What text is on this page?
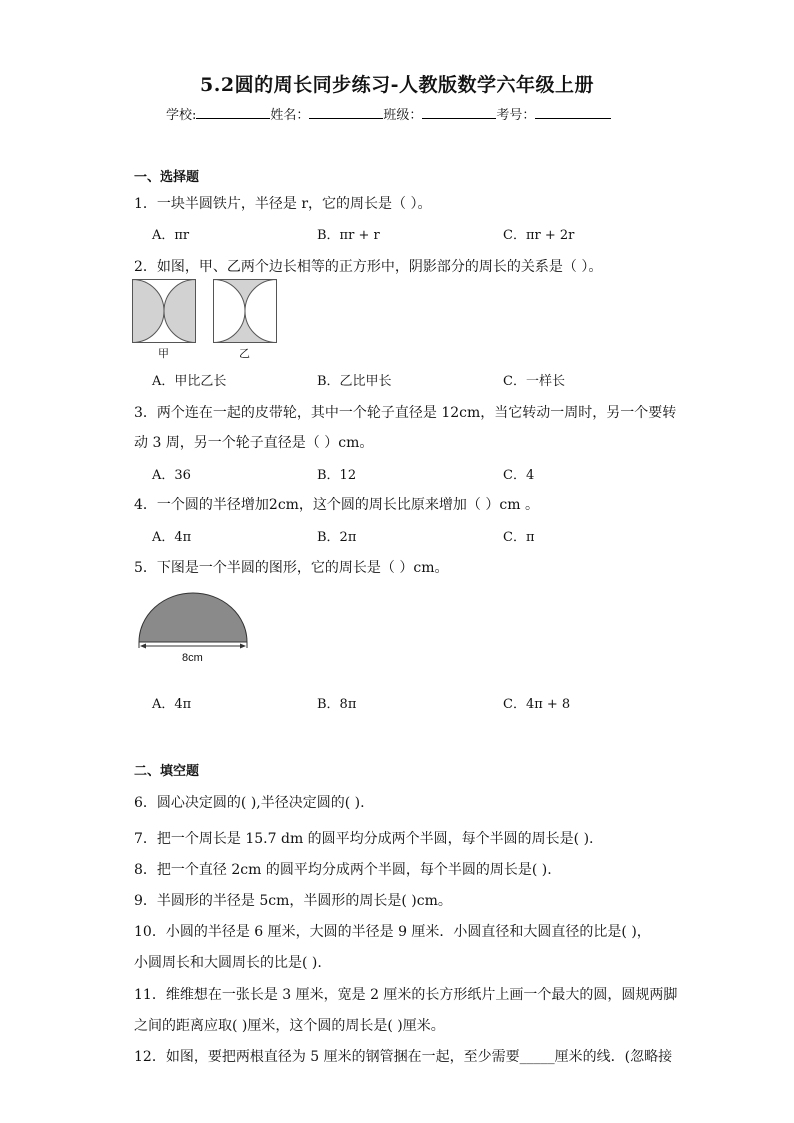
5.2圆的周长同步练习-人教版数学六年级上册
学校:	姓名：	班级：	考号：
一、选择题
1．一块半圆铁片，半径是 r，它的周长是（ ）。
A．πr	B．πr + r	C．πr + 2r
2．如图，甲、乙两个边长相等的正方形中，阴影部分的周长的关系是（ ）。
甲	乙
A．甲比乙长	B．乙比甲长	C．一样长
3．两个连在一起的皮带轮，其中一个轮子直径是 12cm，当它转动一周时，另一个要转
动 3 周，另一个轮子直径是（ ）cm。
A．36	B．12	C．4
4．一个圆的半径增加2cm，这个圆的周长比原来增加（ ）cm 。
A．4π	B．2π	C．π
5．下图是一个半圆的图形，它的周长是（ ）cm。
8cm
A．4π	B．8π	C．4π + 8
二、填空题
6．圆心决定圆的( ),半径决定圆的( ).
7．把一个周长是 15.7 dm 的圆平均分成两个半圆，每个半圆的周长是( ).
8．把一个直径 2cm 的圆平均分成两个半圆，每个半圆的周长是( ).
9．半圆形的半径是 5cm，半圆形的周长是( )cm。
10．小圆的半径是 6 厘米，大圆的半径是 9 厘米．小圆直径和大圆直径的比是( )，
小圆周长和大圆周长的比是( ).
11．维维想在一张长是 3 厘米，宽是 2 厘米的长方形纸片上画一个最大的圆，圆规两脚
之间的距离应取( )厘米，这个圆的周长是( )厘米。
12．如图，要把两根直径为 5 厘米的钢管捆在一起，至少需要_____厘米的线．(忽略接
